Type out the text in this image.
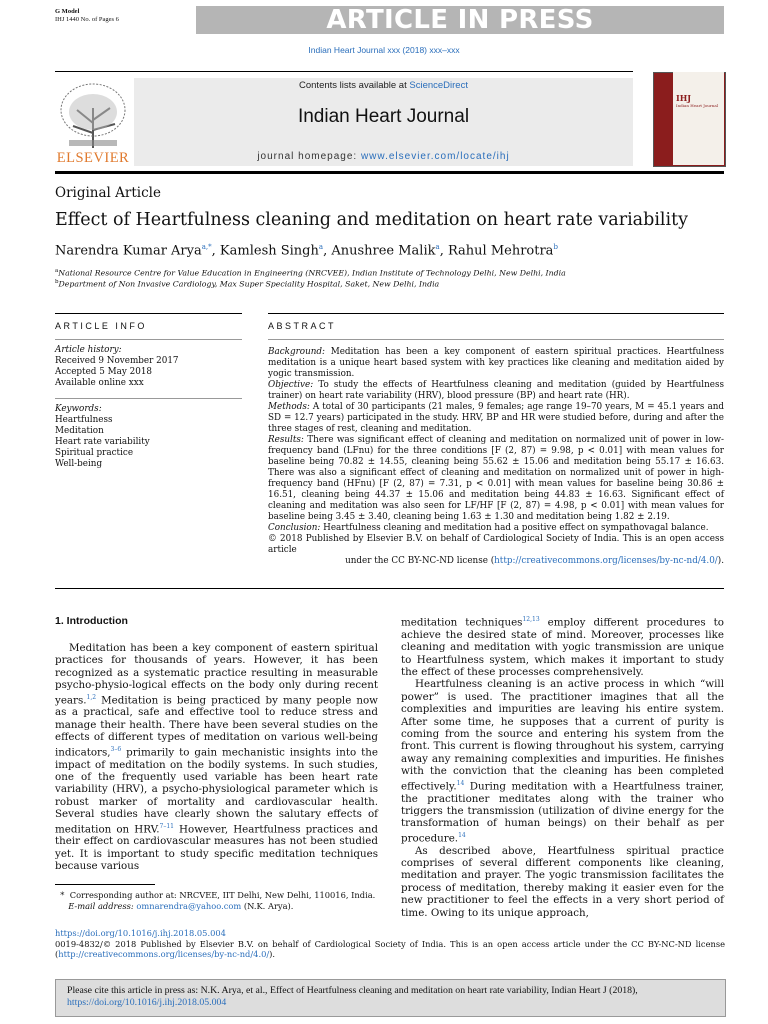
G Model
IHJ 1440 No. of Pages 6	ARTICLE IN PRESS
Indian Heart Journal xxx (2018) xxx–xxx
ELSEVIER
Contents lists available at ScienceDirect
Indian Heart Journal
journal homepage: www.elsevier.com/locate/ihj
IHJ
Indian Heart Journal
Original Article
Effect of Heartfulness cleaning and meditation on heart rate variability
Narendra Kumar Arya$^{a,*}$, Kamlesh Singh$^a$, Anushree Malik$^a$, Rahul Mehrotra$^b$
$^a$National Resource Centre for Value Education in Engineering (NRCVEE), Indian Institute of Technology Delhi, New Delhi, India
$^b$Department of Non Invasive Cardiology, Max Super Speciality Hospital, Saket, New Delhi, India
ARTICLE INFO
Article history:
Received 9 November 2017
Accepted 5 May 2018
Available online xxx
Keywords:
Heartfulness
Meditation
Heart rate variability
Spiritual practice
Well-being
ABSTRACT

Background: Meditation has been a key component of eastern spiritual practices. Heartfulness meditation is a unique heart based system with key practices like cleaning and meditation aided by yogic transmission.

Objective: To study the effects of Heartfulness cleaning and meditation (guided by Heartfulness trainer) on heart rate variability (HRV), blood pressure (BP) and heart rate (HR).

Methods: A total of 30 participants (21 males, 9 females; age range 19–70 years, M = 45.1 years and SD = 12.7 years) participated in the study. HRV, BP and HR were studied before, during and after the three stages of rest, cleaning and meditation.

Results: There was significant effect of cleaning and meditation on normalized unit of power in low-frequency band (LFnu) for the three conditions [F (2, 87) = 9.98, p < 0.01] with mean values for baseline being 70.82 ± 14.55, cleaning being 55.62 ± 15.06 and meditation being 55.17 ± 16.63. There was also a significant effect of cleaning and meditation on normalized unit of power in high-frequency band (HFnu) [F (2, 87) = 7.31, p < 0.01] with mean values for baseline being 30.86 ± 16.51, cleaning being 44.37 ± 15.06 and meditation being 44.83 ± 16.63. Significant effect of cleaning and meditation was also seen for LF/HF [F (2, 87) = 4.98, p < 0.01] with mean values for baseline being 3.45 ± 3.40, cleaning being 1.63 ± 1.30 and meditation being 1.82 ± 2.19.

Conclusion: Heartfulness cleaning and meditation had a positive effect on sympathovagal balance.

© 2018 Published by Elsevier B.V. on behalf of Cardiological Society of India. This is an open access article

under the CC BY-NC-ND license (http://creativecommons.org/licenses/by-nc-nd/4.0/).

1. Introduction

Meditation has been a key component of eastern spiritual practices for thousands of years. However, it has been recognized as a systematic practice resulting in measurable psycho-physio-logical effects on the body only during recent years.$^{1,2}$ Meditation is being practiced by many people now as a practical, safe and effective tool to reduce stress and manage their health. There have been several studies on the effects of different types of meditation on various well-being indicators,$^{3-6}$ primarily to gain mechanistic insights into the impact of meditation on the bodily systems. In such studies, one of the frequently used variable has been heart rate variability (HRV), a psycho-physiological parameter which is robust marker of mortality and cardiovascular health. Several studies have clearly shown the salutary effects of meditation on HRV.$^{7-11}$ However, Heartfulness practices and their effect on cardiovascular measures has not been studied yet. It is important to study specific meditation techniques because various

meditation techniques$^{12,13}$ employ different procedures to achieve the desired state of mind. Moreover, processes like cleaning and meditation with yogic transmission are unique to Heartfulness system, which makes it important to study the effect of these processes comprehensively.

Heartfulness cleaning is an active process in which “will power” is used. The practitioner imagines that all the complexities and impurities are leaving his entire system. After some time, he supposes that a current of purity is coming from the source and entering his system from the front. This current is flowing throughout his system, carrying away any remaining complexities and impurities. He finishes with the conviction that the cleaning has been completed effectively.$^{14}$ During meditation with a Heartfulness trainer, the practitioner meditates along with the trainer who triggers the transmission (utilization of divine energy for the transformation of human beings) on their behalf as per procedure.$^{14}$

As described above, Heartfulness spiritual practice comprises of several different components like cleaning, meditation and prayer. The yogic transmission facilitates the process of meditation, thereby making it easier even for the new practitioner to feel the effects in a very short period of time. Owing to its unique approach,

* Corresponding author at: NRCVEE, IIT Delhi, New Delhi, 110016, India.
E-mail address: omnarendra@yahoo.com (N.K. Arya).
https://doi.org/10.1016/j.ihj.2018.05.004
0019-4832/© 2018 Published by Elsevier B.V. on behalf of Cardiological Society of India. This is an open access article under the CC BY-NC-ND license (http://creativecommons.org/licenses/by-nc-nd/4.0/).
Please cite this article in press as: N.K. Arya, et al., Effect of Heartfulness cleaning and meditation on heart rate variability, Indian Heart J (2018),
https://doi.org/10.1016/j.ihj.2018.05.004
